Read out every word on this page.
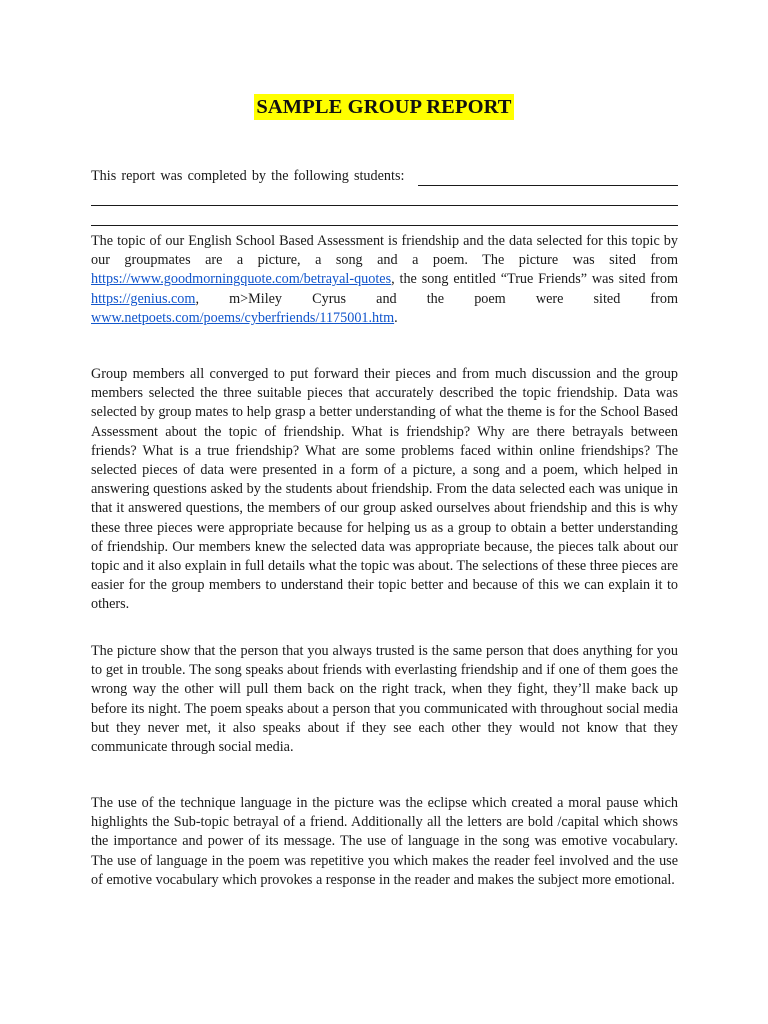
SAMPLE GROUP REPORT
This report was completed by the following students:

The topic of our English School Based Assessment is friendship and the data selected for this topic by our groupmates are a picture, a song and a poem. The picture was sited from https://www.goodmorningquote.com/betrayal-quotes, the song entitled “True Friends” was sited from https://genius.com, m>Miley Cyrus and the poem were sited from www.netpoets.com/poems/cyberfriends/1175001.htm.

Group members all converged to put forward their pieces and from much discussion and the group members selected the three suitable pieces that accurately described the topic friendship. Data was selected by group mates to help grasp a better understanding of what the theme is for the School Based Assessment about the topic of friendship. What is friendship? Why are there betrayals between friends? What is a true friendship? What are some problems faced within online friendships? The selected pieces of data were presented in a form of a picture, a song and a poem, which helped in answering questions asked by the students about friendship. From the data selected each was unique in that it answered questions, the members of our group asked ourselves about friendship and this is why these three pieces were appropriate because for helping us as a group to obtain a better understanding of friendship. Our members knew the selected data was appropriate because, the pieces talk about our topic and it also explain in full details what the topic was about. The selections of these three pieces are easier for the group members to understand their topic better and because of this we can explain it to others.

The picture show that the person that you always trusted is the same person that does anything for you to get in trouble. The song speaks about friends with everlasting friendship and if one of them goes the wrong way the other will pull them back on the right track, when they fight, they’ll make back up before its night. The poem speaks about a person that you communicated with throughout social media but they never met, it also speaks about if they see each other they would not know that they communicate through social media.

The use of the technique language in the picture was the eclipse which created a moral pause which highlights the Sub-topic betrayal of a friend. Additionally all the letters are bold /capital which shows the importance and power of its message. The use of language in the song was emotive vocabulary. The use of language in the poem was repetitive you which makes the reader feel involved and the use of emotive vocabulary which provokes a response in the reader and makes the subject more emotional.
